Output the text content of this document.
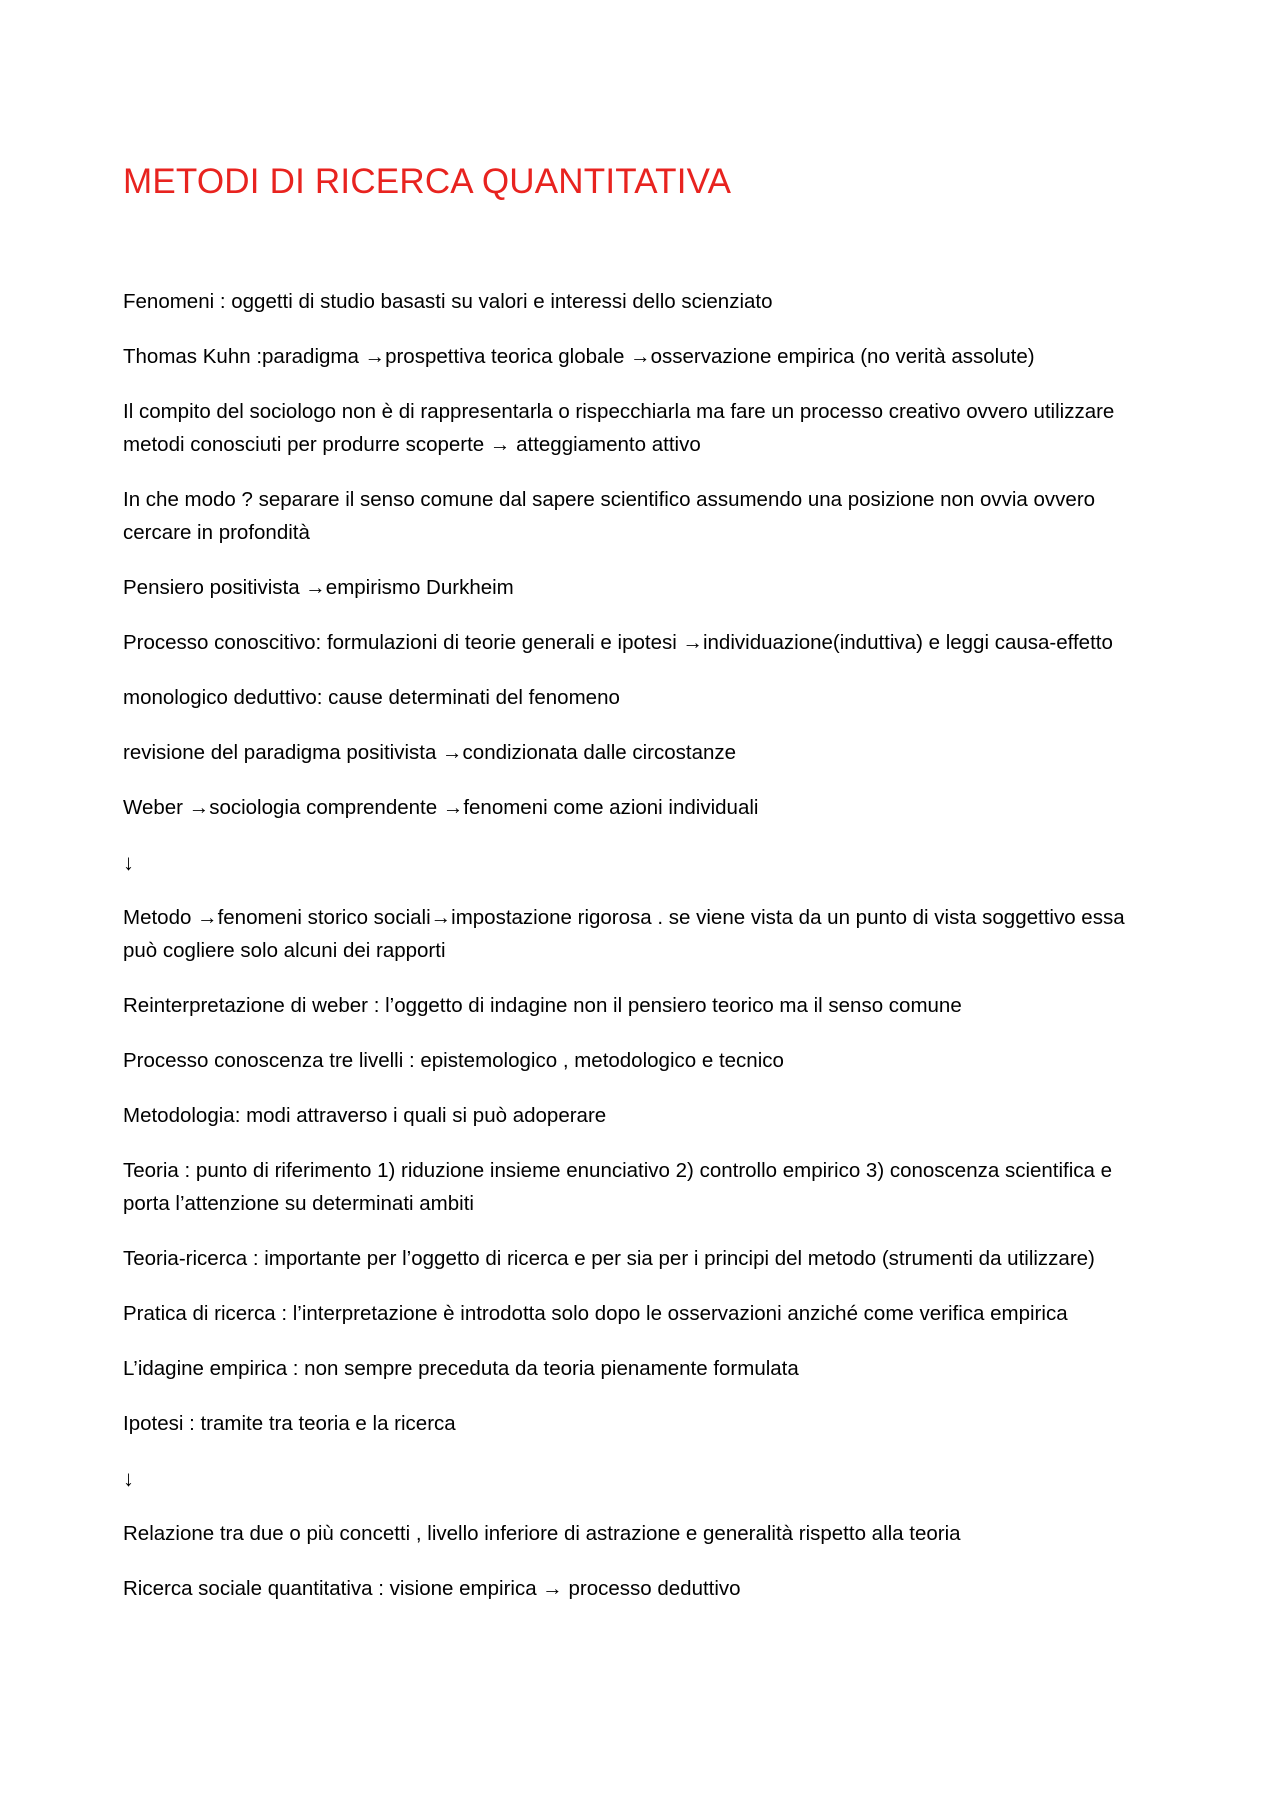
METODI DI RICERCA QUANTITATIVA

Fenomeni : oggetti di studio basasti su valori e interessi dello scienziato

Thomas Kuhn :paradigma →prospettiva teorica globale →osservazione empirica (no verità assolute)

Il compito del sociologo non è di rappresentarla o rispecchiarla ma fare un processo creativo ovvero utilizzare metodi conosciuti per produrre scoperte → atteggiamento attivo

In che modo ? separare il senso comune dal sapere scientifico assumendo una posizione non ovvia ovvero cercare in profondità

Pensiero positivista →empirismo Durkheim

Processo conoscitivo: formulazioni di teorie generali e ipotesi →individuazione(induttiva) e leggi causa-effetto

monologico deduttivo: cause determinati del fenomeno

revisione del paradigma positivista →condizionata dalle circostanze

Weber →sociologia comprendente →fenomeni come azioni individuali

↓

Metodo →fenomeni storico sociali→impostazione rigorosa . se viene vista da un punto di vista soggettivo essa può cogliere solo alcuni dei rapporti

Reinterpretazione di weber : l’oggetto di indagine non il pensiero teorico ma il senso comune

Processo conoscenza tre livelli : epistemologico , metodologico e tecnico

Metodologia: modi attraverso i quali si può adoperare

Teoria : punto di riferimento 1) riduzione insieme enunciativo 2) controllo empirico 3) conoscenza scientifica e porta l’attenzione su determinati ambiti

Teoria-ricerca : importante per l’oggetto di ricerca e per sia per i principi del metodo (strumenti da utilizzare)

Pratica di ricerca : l’interpretazione è introdotta solo dopo le osservazioni anziché come verifica empirica

L’idagine empirica : non sempre preceduta da teoria pienamente formulata

Ipotesi : tramite tra teoria e la ricerca

↓

Relazione tra due o più concetti , livello inferiore di astrazione e generalità rispetto alla teoria

Ricerca sociale quantitativa : visione empirica → processo deduttivo
